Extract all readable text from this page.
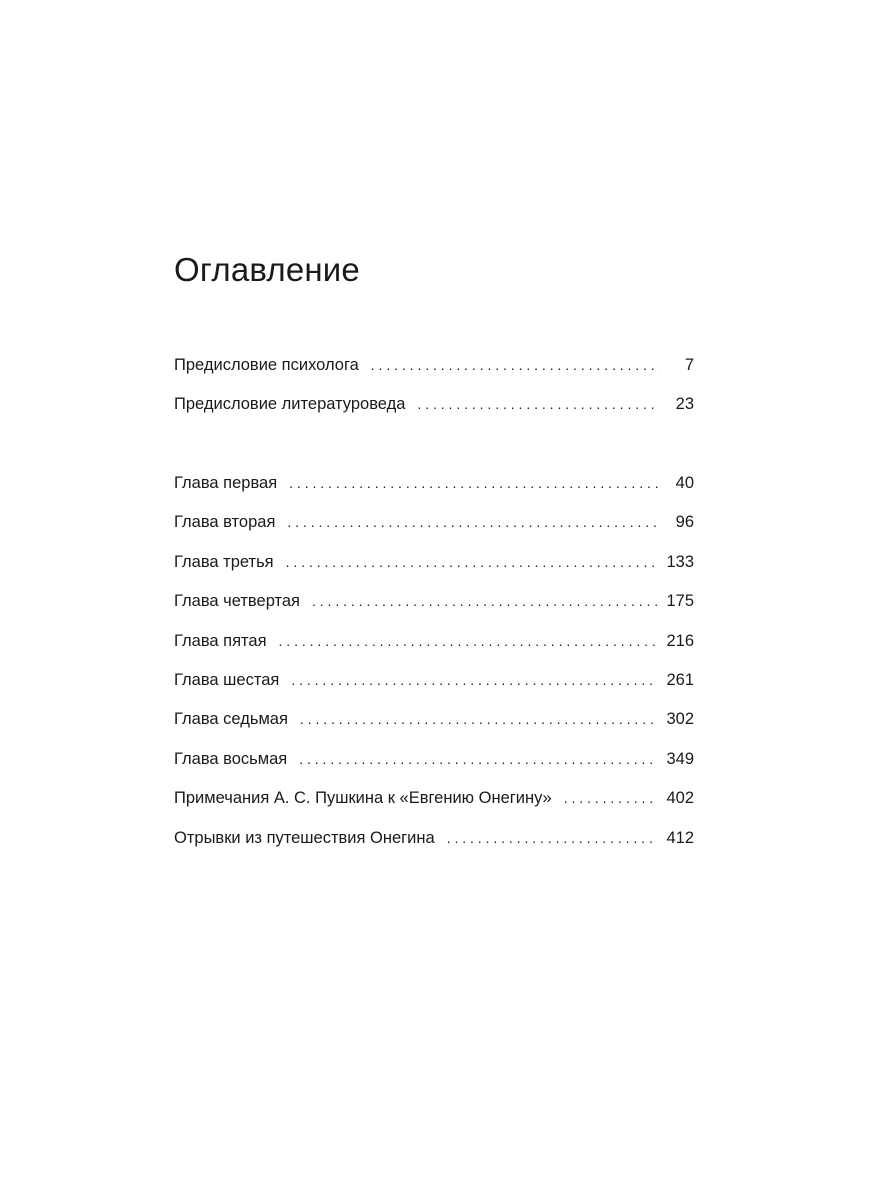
Оглавление
Предисловие психолога . . .	7
Предисловие литературоведа . . .	23
Глава первая . . .	40
Глава вторая . . .	96
Глава третья . . .	133
Глава четвертая . . .	175
Глава пятая . . .	216
Глава шестая . . .	261
Глава седьмая . . .	302
Глава восьмая . . .	349
Примечания А. С. Пушкина к «Евгению Онегину» . . .	402
Отрывки из путешествия Онегина . . .	412
